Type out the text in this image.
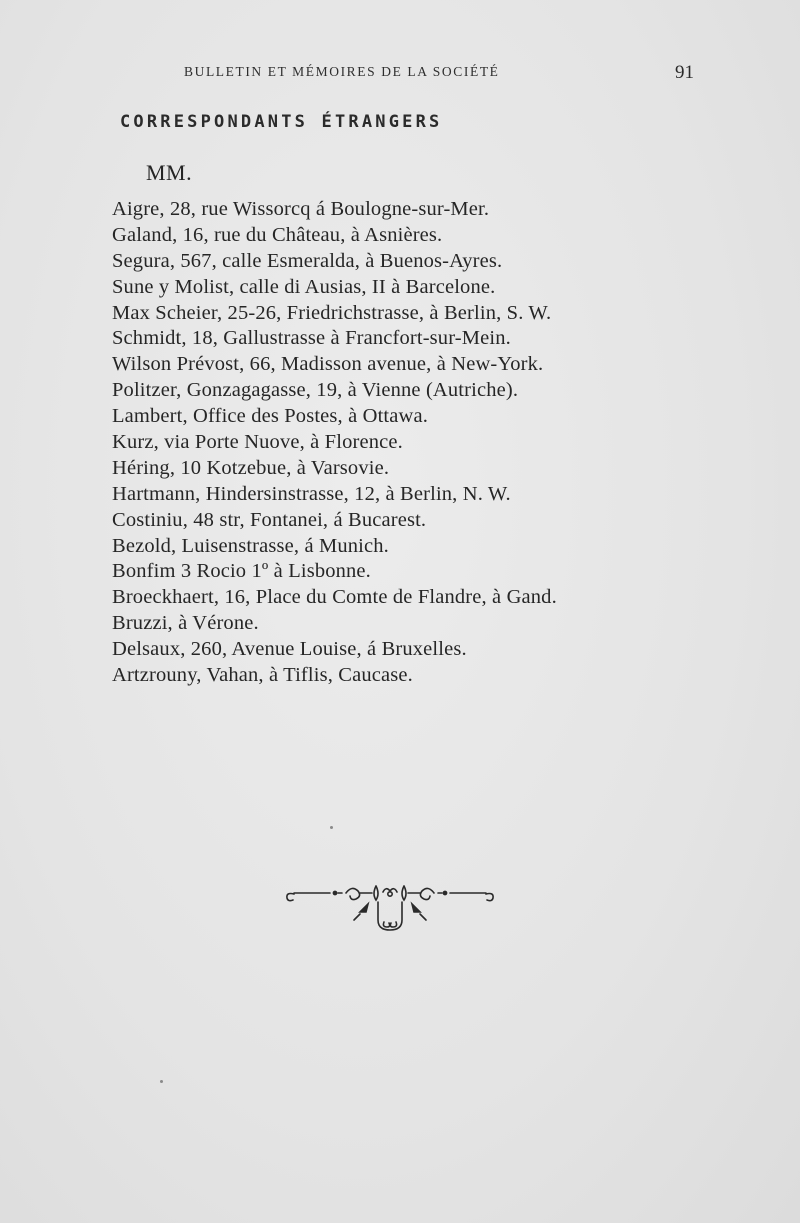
BULLETIN ET MÉMOIRES DE LA SOCIÉTÉ	91
CORRESPONDANTS ÉTRANGERS
MM.
Aigre, 28, rue Wissorcq á Boulogne-sur-Mer.
Galand, 16, rue du Château, à Asnières.
Segura, 567, calle Esmeralda, à Buenos-Ayres.
Sune y Molist, calle di Ausias, II à Barcelone.
Max Scheier, 25-26, Friedrichstrasse, à Berlin, S. W.
Schmidt, 18, Gallustrasse à Francfort-sur-Mein.
Wilson Prévost, 66, Madisson avenue, à New-York.
Politzer, Gonzagagasse, 19, à Vienne (Autriche).
Lambert, Office des Postes, à Ottawa.
Kurz, via Porte Nuove, à Florence.
Héring, 10 Kotzebue, à Varsovie.
Hartmann, Hindersinstrasse, 12, à Berlin, N. W.
Costiniu, 48 str, Fontanei, á Bucarest.
Bezold, Luisenstrasse, á Munich.
Bonfim 3 Rocio 1º à Lisbonne.
Broeckhaert, 16, Place du Comte de Flandre, à Gand.
Bruzzi, à Vérone.
Delsaux, 260, Avenue Louise, á Bruxelles.
Artzrouny, Vahan, à Tiflis, Caucase.
